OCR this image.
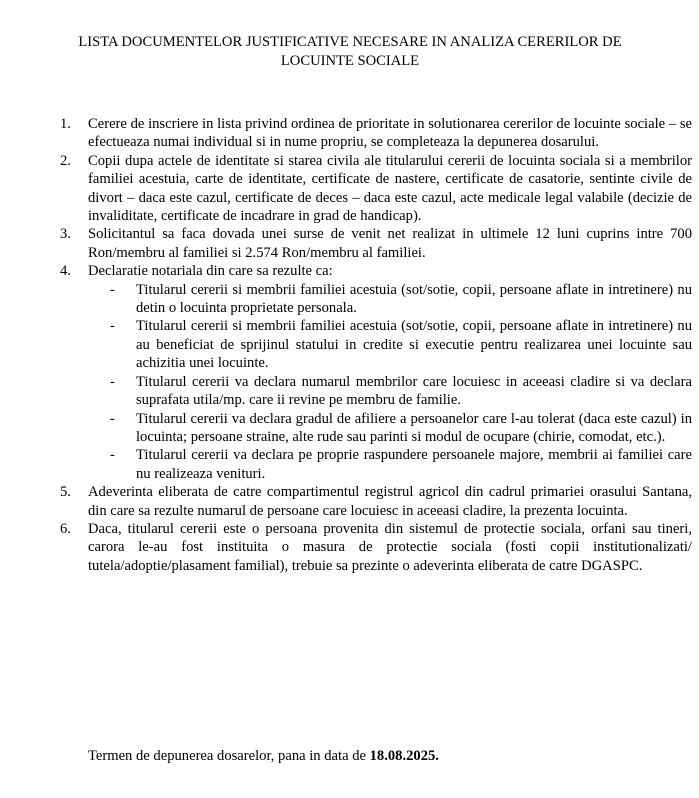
LISTA DOCUMENTELOR JUSTIFICATIVE NECESARE IN ANALIZA CERERILOR DE
LOCUINTE SOCIALE
1.	Cerere de inscriere in lista privind ordinea de prioritate in solutionarea cererilor de locuinte sociale – se efectueaza numai individual si in nume propriu, se completeaza la depunerea dosarului.
2.	Copii dupa actele de identitate si starea civila ale titularului cererii de locuinta sociala si a membrilor familiei acestuia, carte de identitate, certificate de nastere, certificate de casatorie, sentinte civile de divort – daca este cazul, certificate de deces – daca este cazul, acte medicale legal valabile (decizie de invaliditate, certificate de incadrare in grad de handicap).
3.	Solicitantul sa faca dovada unei surse de venit net realizat in ultimele 12 luni cuprins intre 700 Ron/membru al familiei si 2.574 Ron/membru al familiei.
4.	Declaratie notariala din care sa rezulte ca:
-	Titularul cererii si membrii familiei acestuia (sot/sotie, copii, persoane aflate in intretinere) nu detin o locuinta proprietate personala.
-	Titularul cererii si membrii familiei acestuia (sot/sotie, copii, persoane aflate in intretinere) nu au beneficiat de sprijinul statului in credite si executie pentru realizarea unei locuinte sau achizitia unei locuinte.
-	Titularul cererii va declara numarul membrilor care locuiesc in aceeasi cladire si va declara suprafata utila/mp. care ii revine pe membru de familie.
-	Titularul cererii va declara gradul de afiliere a persoanelor care l-au tolerat (daca este cazul) in locuinta; persoane straine, alte rude sau parinti si modul de ocupare (chirie, comodat, etc.).
-	Titularul cererii va declara pe proprie raspundere persoanele majore, membrii ai familiei care nu realizeaza venituri.
5.	Adeverinta eliberata de catre compartimentul registrul agricol din cadrul primariei orasului Santana, din care sa rezulte numarul de persoane care locuiesc in aceeasi cladire, la prezenta locuinta.
6.	Daca, titularul cererii este o persoana provenita din sistemul de protectie sociala, orfani sau tineri, carora le-au fost instituita o masura de protectie sociala (fosti copii institutionalizati/ tutela/adoptie/plasament familial), trebuie sa prezinte o adeverinta eliberata de catre DGASPC.
Termen de depunerea dosarelor, pana in data de 18.08.2025.
